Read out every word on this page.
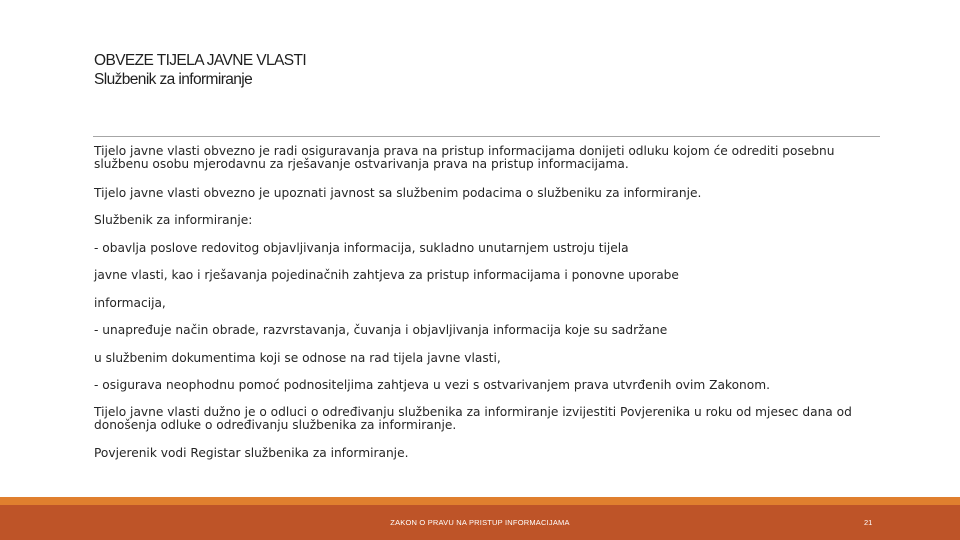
OBVEZE TIJELA JAVNE VLASTI
Službenik za informiranje
Tijelo javne vlasti obvezno je radi osiguravanja prava na pristup informacijama donijeti odluku kojom će odrediti posebnu službenu osobu mjerodavnu za rješavanje ostvarivanja prava na pristup informacijama.
Tijelo javne vlasti obvezno je upoznati javnost sa službenim podacima o službeniku za informiranje.
Službenik za informiranje:
- obavlja poslove redovitog objavljivanja informacija, sukladno unutarnjem ustroju tijela
javne vlasti, kao i rješavanja pojedinačnih zahtjeva za pristup informacijama i ponovne uporabe
informacija,
- unapređuje način obrade, razvrstavanja, čuvanja i objavljivanja informacija koje su sadržane
u službenim dokumentima koji se odnose na rad tijela javne vlasti,
- osigurava neophodnu pomoć podnositeljima zahtjeva u vezi s ostvarivanjem prava utvrđenih ovim Zakonom.
Tijelo javne vlasti dužno je o odluci o određivanju službenika za informiranje izvijestiti Povjerenika u roku od mjesec dana od donošenja odluke o određivanju službenika za informiranje.
Povjerenik vodi Registar službenika za informiranje.
ZAKON O PRAVU NA PRISTUP INFORMACIJAMA	21
